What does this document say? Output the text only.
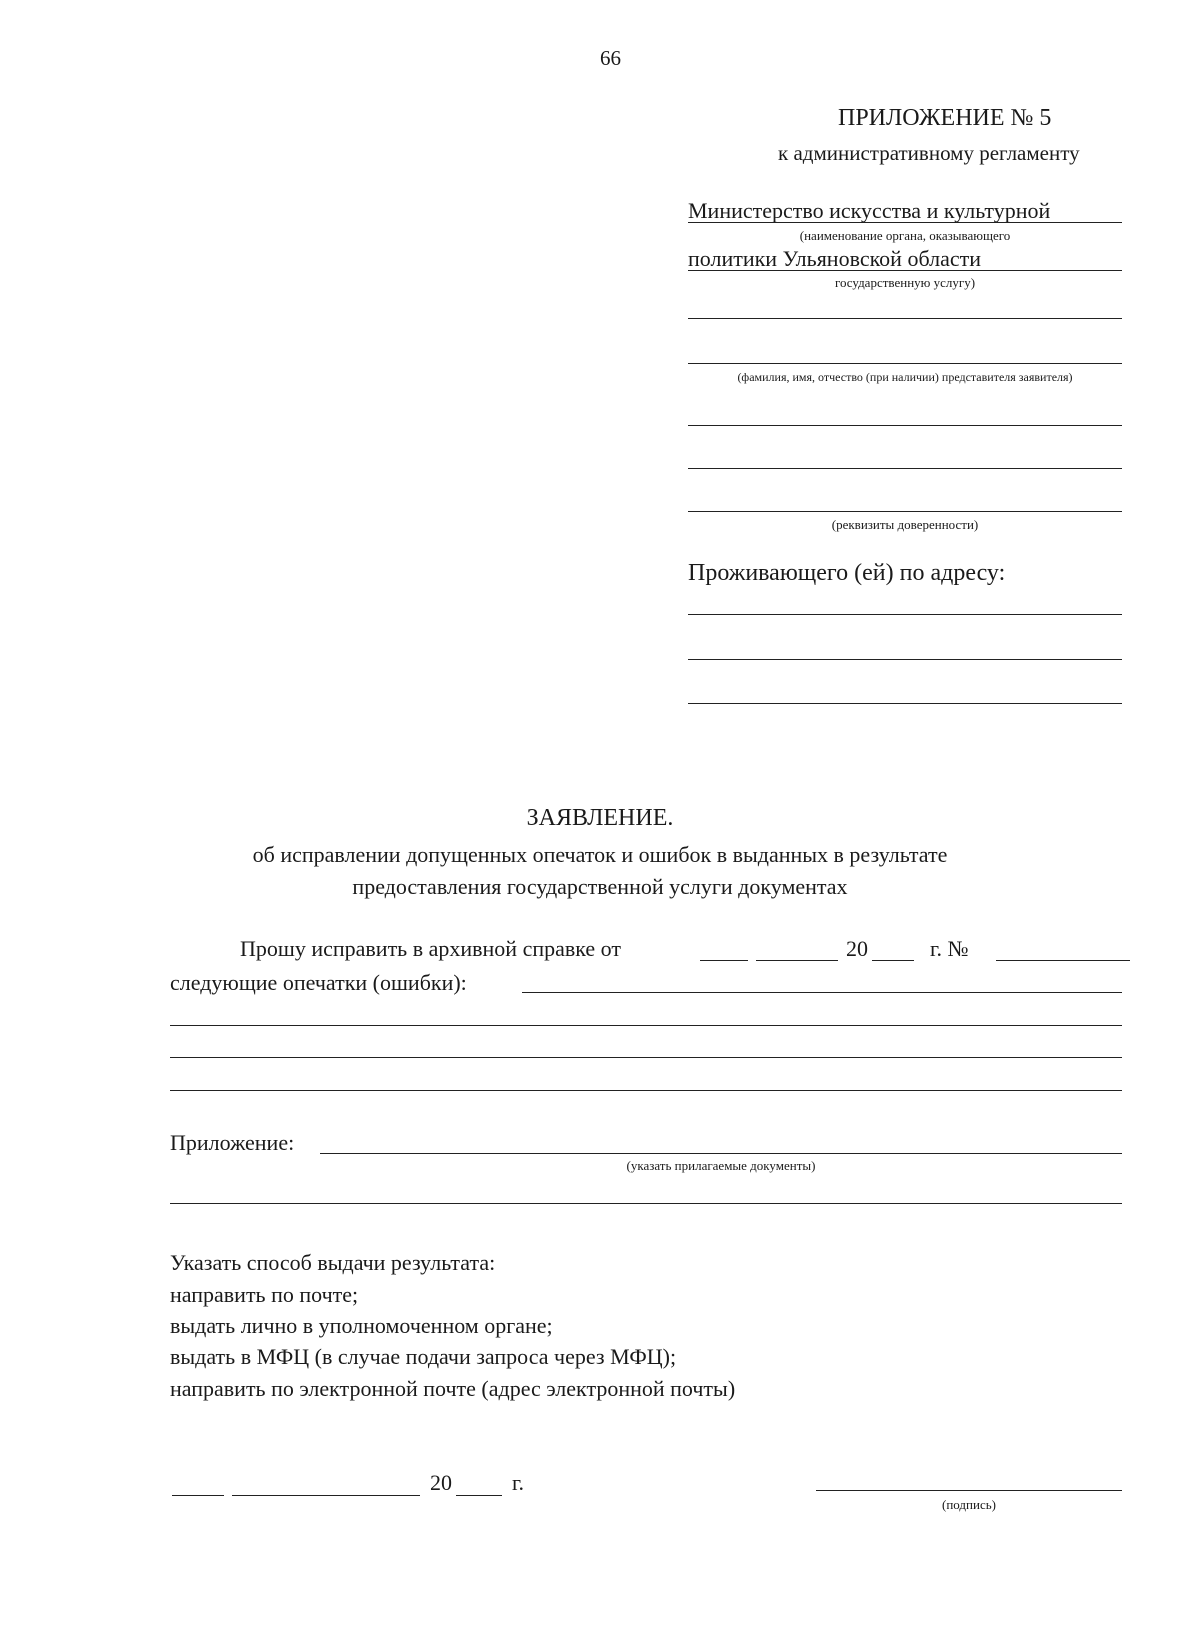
66
ПРИЛОЖЕНИЕ № 5
к административному регламенту
Министерство искусства и культурной
(наименование органа, оказывающего
политики Ульяновской области
государственную услугу)
(фамилия, имя, отчество (при наличии) представителя заявителя)
(реквизиты доверенности)
Проживающего (ей) по адресу:
ЗАЯВЛЕНИЕ.
об исправлении допущенных опечаток и ошибок в выданных в результате
предоставления государственной услуги документах
Прошу исправить в архивной справке от	20	г. №
следующие опечатки (ошибки):
Приложение:
(указать прилагаемые документы)
Указать способ выдачи результата:
направить по почте;
выдать лично в уполномоченном органе;
выдать в МФЦ (в случае подачи запроса через МФЦ);
направить по электронной почте (адрес электронной почты)
20	г.
(подпись)
